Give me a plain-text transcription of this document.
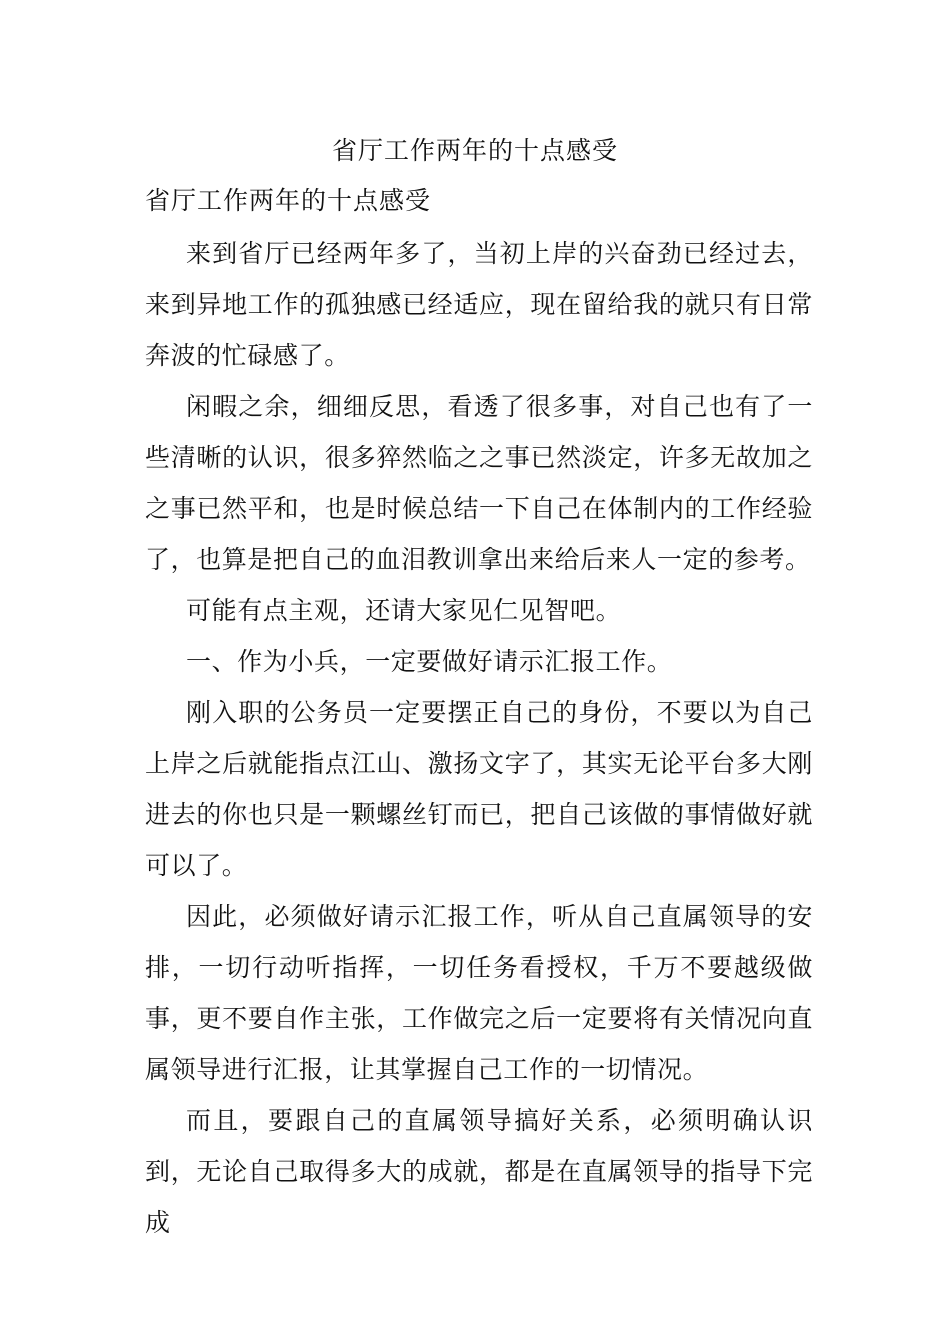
省厅工作两年的十点感受
省厅工作两年的十点感受

来到省厅已经两年多了，当初上岸的兴奋劲已经过去，来到异地工作的孤独感已经适应，现在留给我的就只有日常奔波的忙碌感了。

闲暇之余，细细反思，看透了很多事，对自己也有了一些清晰的认识，很多猝然临之之事已然淡定，许多无故加之之事已然平和，也是时候总结一下自己在体制内的工作经验了，也算是把自己的血泪教训拿出来给后来人一定的参考。

可能有点主观，还请大家见仁见智吧。

一、作为小兵，一定要做好请示汇报工作。

刚入职的公务员一定要摆正自己的身份，不要以为自己上岸之后就能指点江山、激扬文字了，其实无论平台多大刚进去的你也只是一颗螺丝钉而已，把自己该做的事情做好就可以了。

因此，必须做好请示汇报工作，听从自己直属领导的安排，一切行动听指挥，一切任务看授权，千万不要越级做事，更不要自作主张，工作做完之后一定要将有关情况向直属领导进行汇报，让其掌握自己工作的一切情况。

而且，要跟自己的直属领导搞好关系，必须明确认识到，无论自己取得多大的成就，都是在直属领导的指导下完成
